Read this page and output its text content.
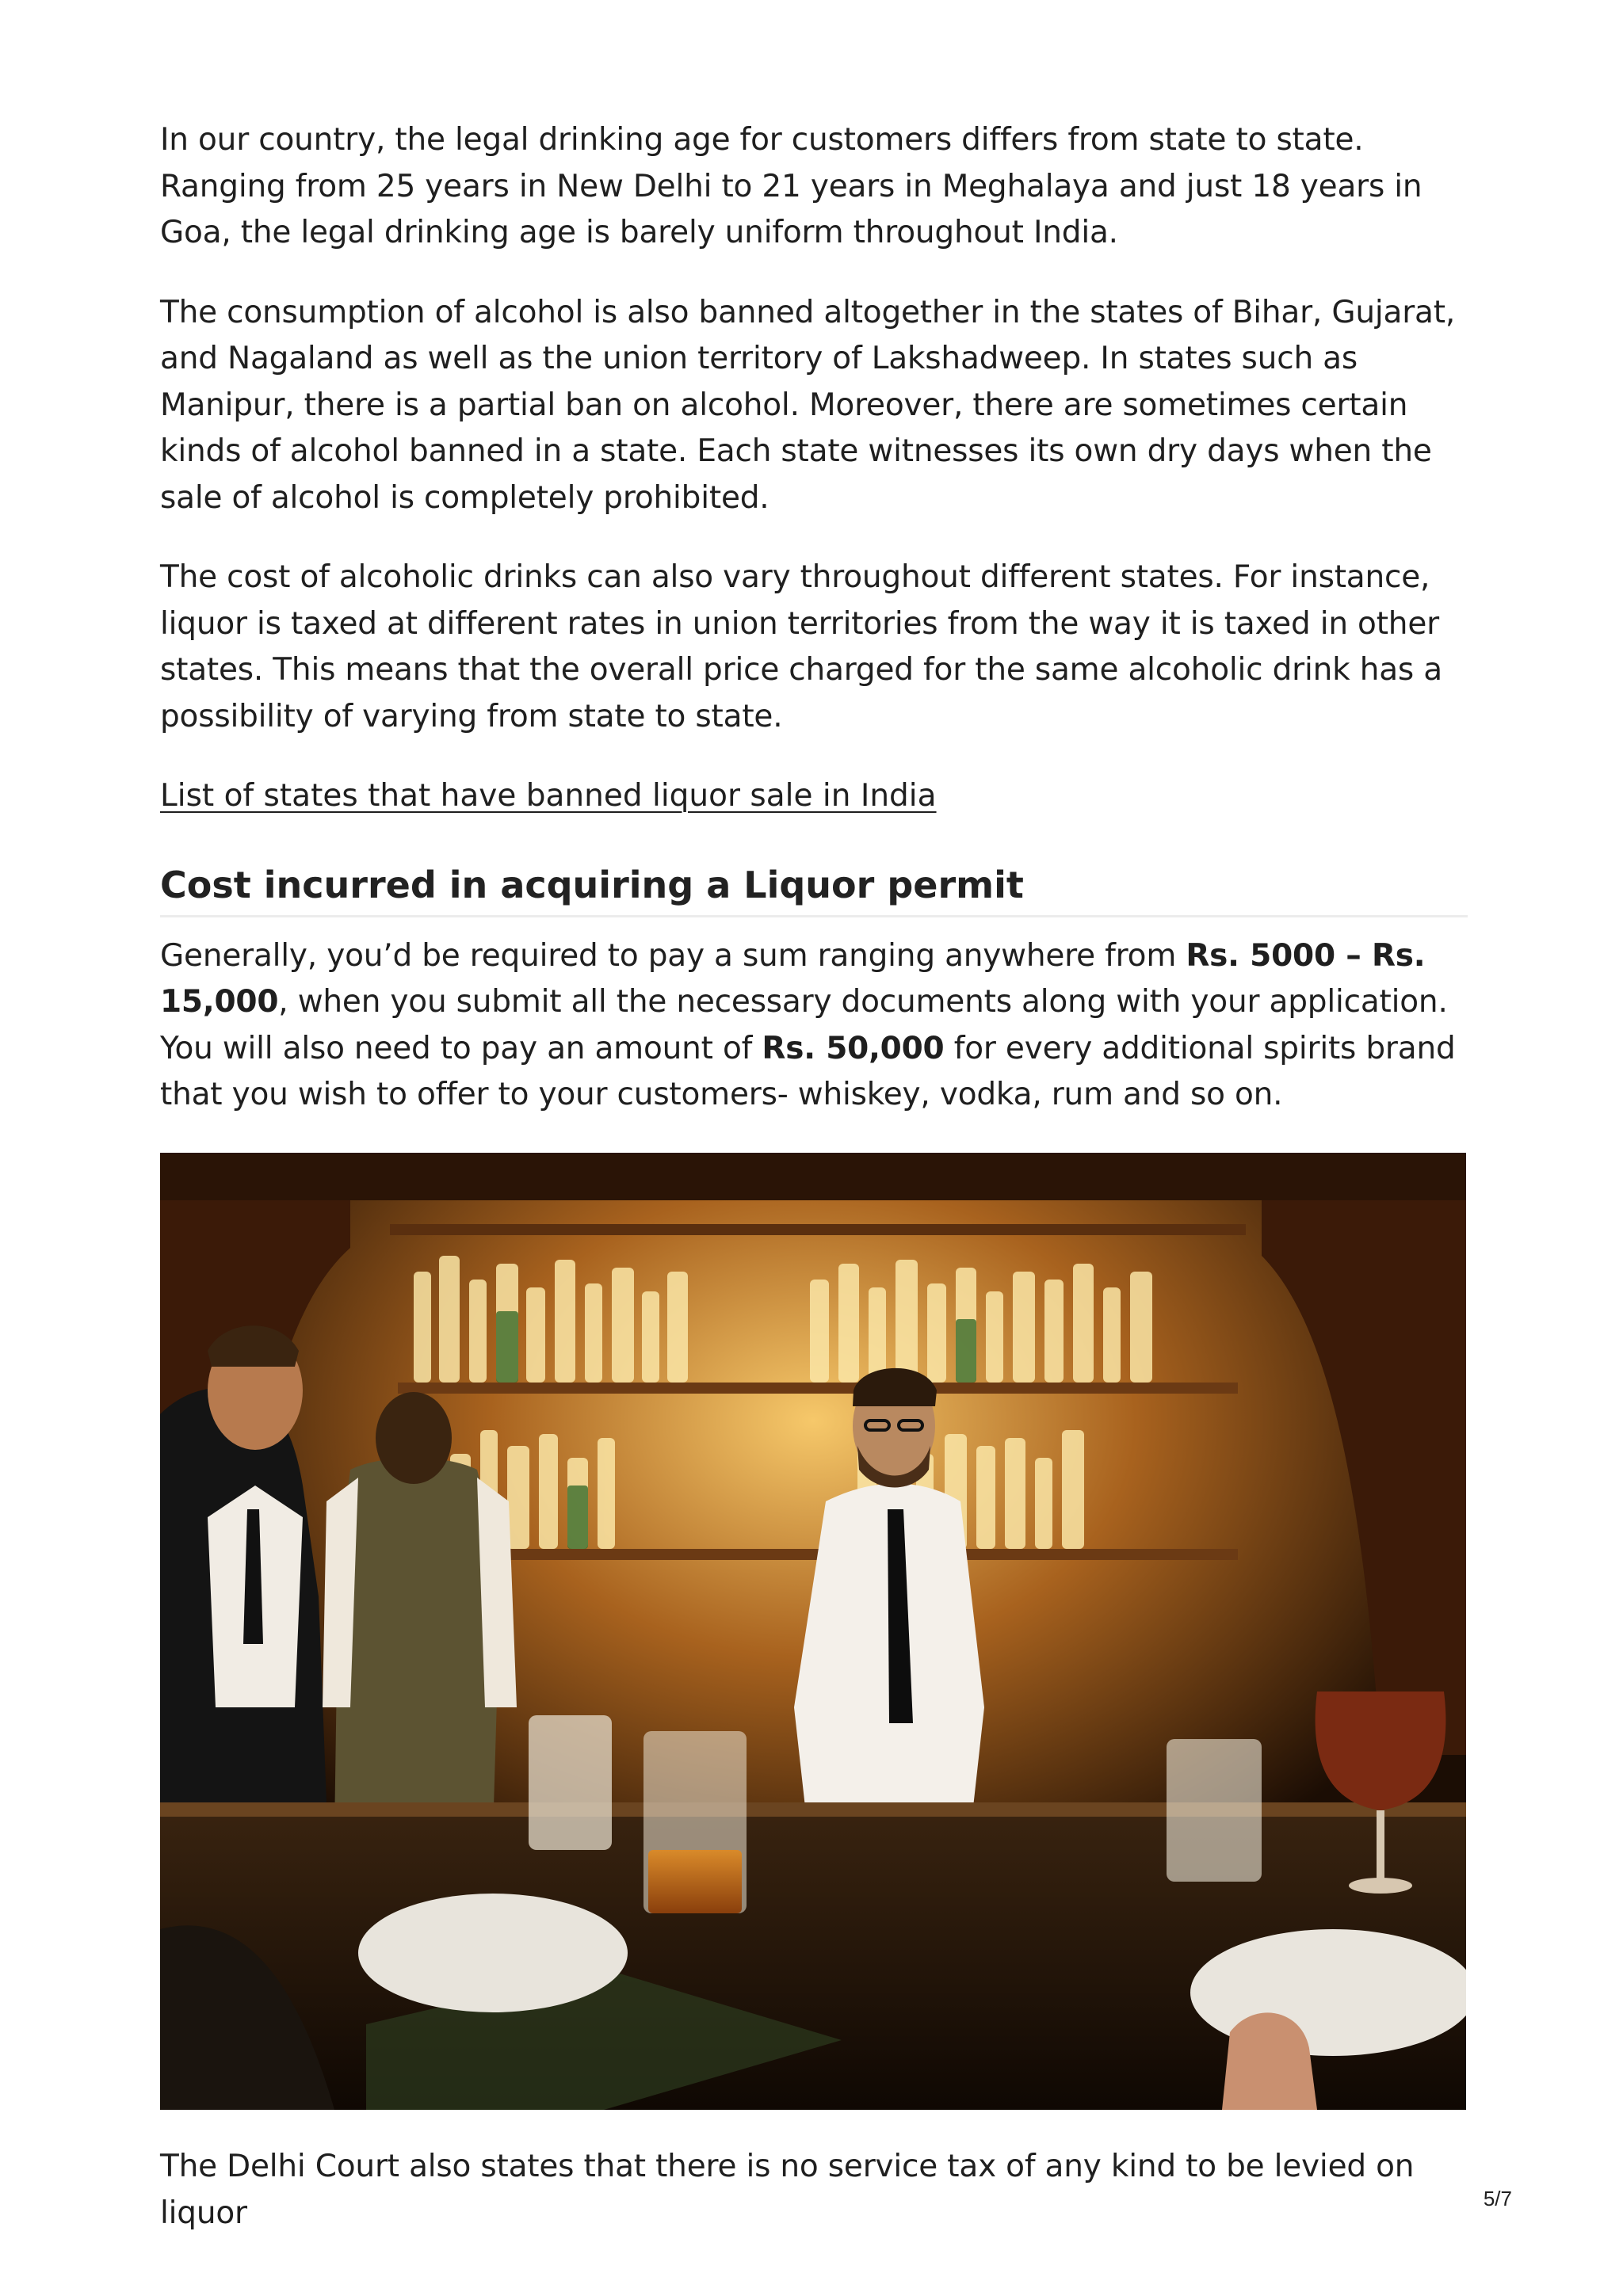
In our country, the legal drinking age for customers differs from state to state. Ranging from 25 years in New Delhi to 21 years in Meghalaya and just 18 years in Goa, the legal drinking age is barely uniform throughout India.

The consumption of alcohol is also banned altogether in the states of Bihar, Gujarat, and Nagaland as well as the union territory of Lakshadweep. In states such as Manipur, there is a partial ban on alcohol. Moreover, there are sometimes certain kinds of alcohol banned in a state. Each state witnesses its own dry days when the sale of alcohol is completely prohibited.

The cost of alcoholic drinks can also vary throughout different states. For instance, liquor is taxed at different rates in union territories from the way it is taxed in other states. This means that the overall price charged for the same alcoholic drink has a possibility of varying from state to state.

List of states that have banned liquor sale in India
Cost incurred in acquiring a Liquor permit

Generally, you’d be required to pay a sum ranging anywhere from Rs. 5000 – Rs. 15,000, when you submit all the necessary documents along with your application. You will also need to pay an amount of Rs. 50,000 for every additional spirits brand that you wish to offer to your customers- whiskey, vodka, rum and so on.

The Delhi Court also states that there is no service tax of any kind to be levied on liquor	5/7
